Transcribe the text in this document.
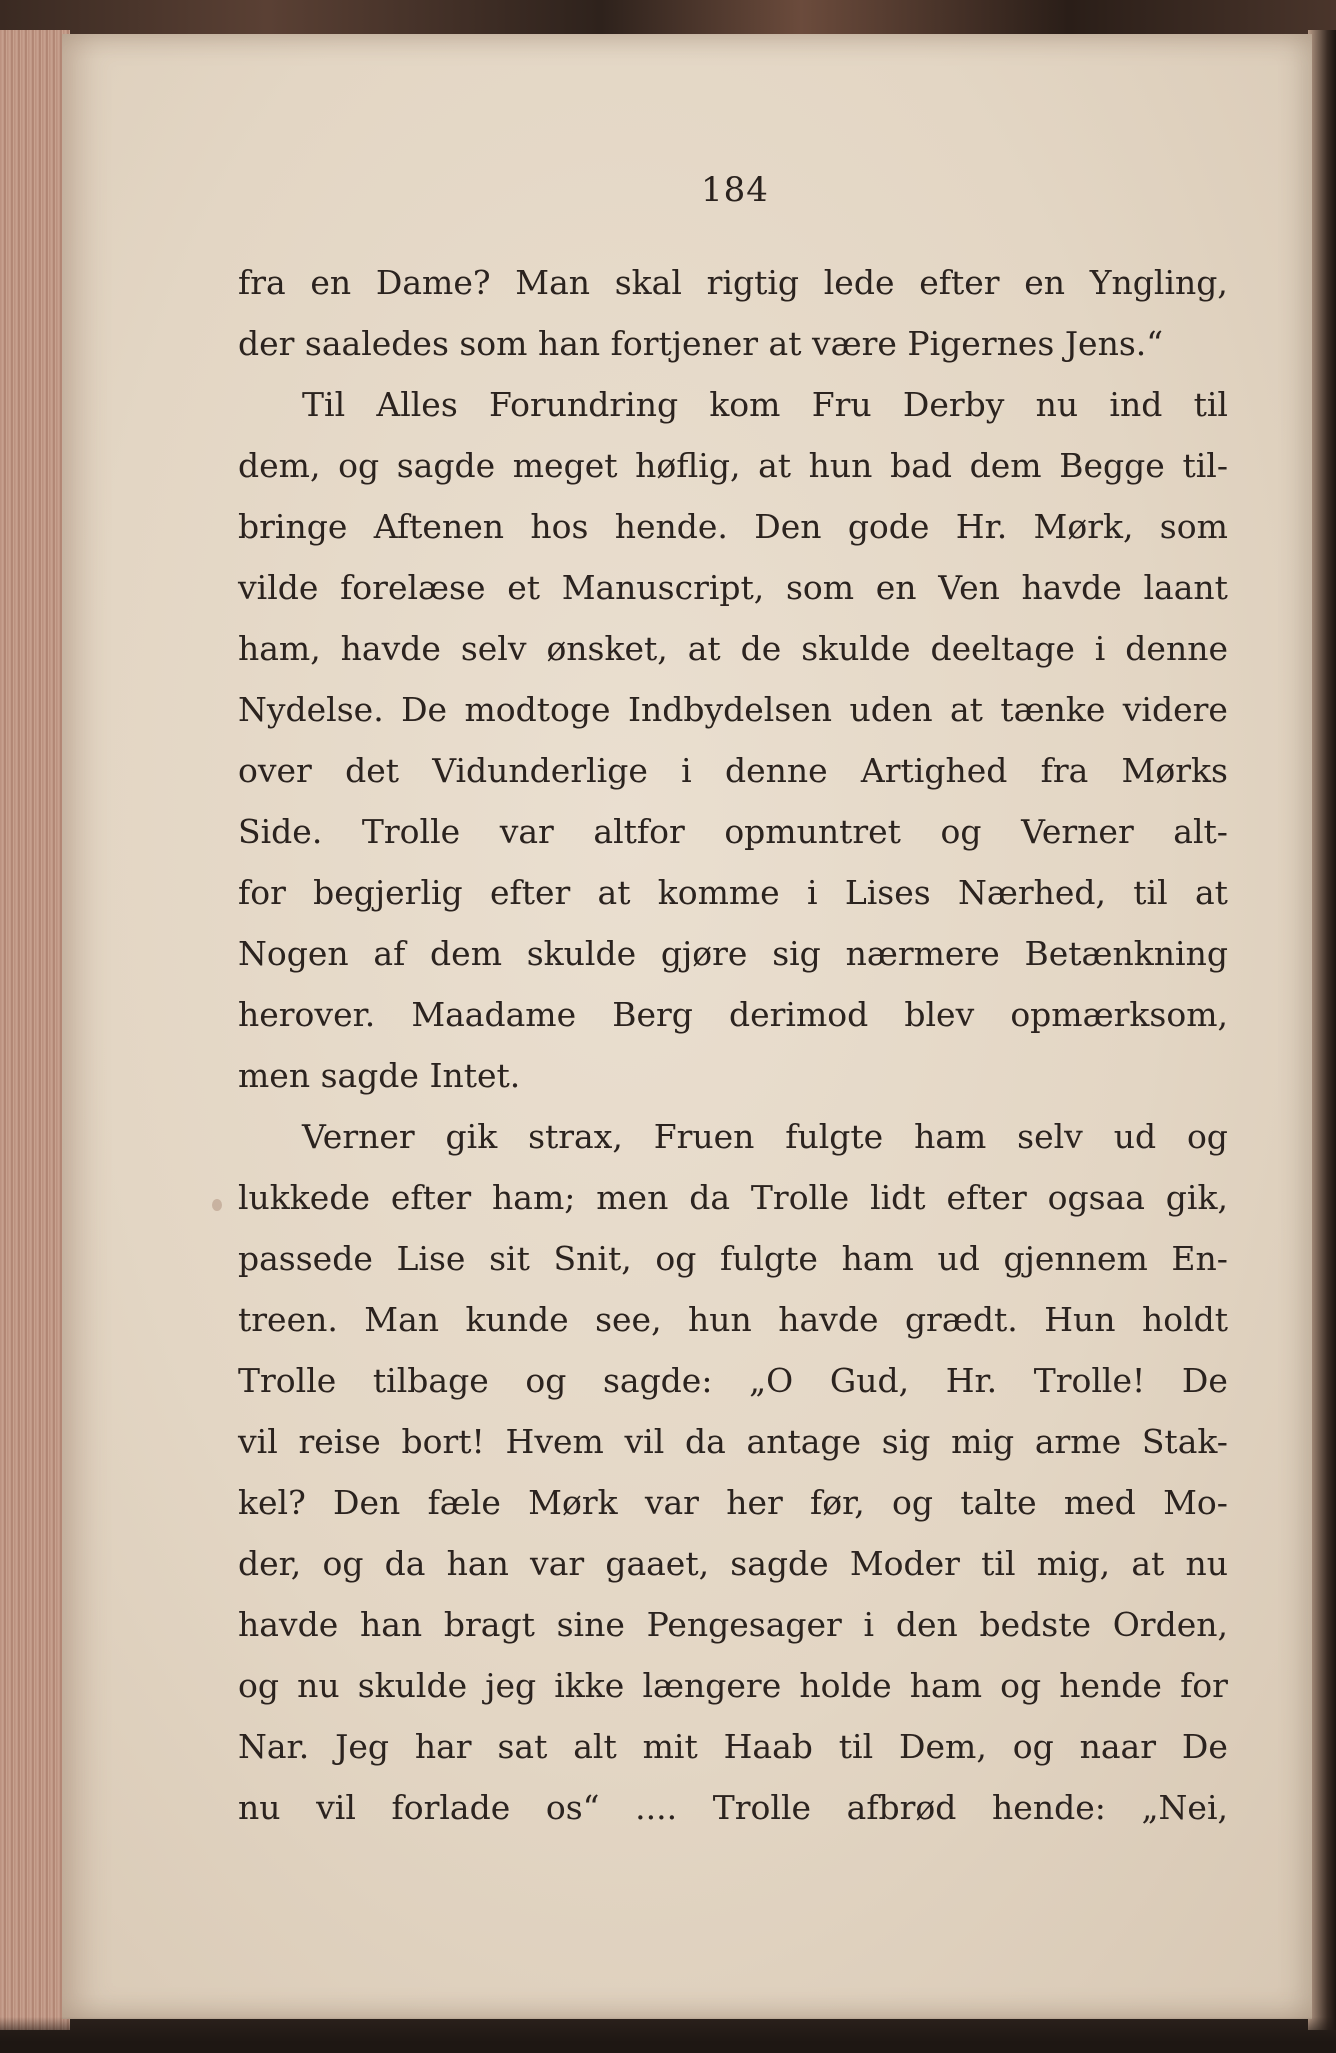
184
fra en Dame? Man skal rigtig lede efter en Yngling,
der saaledes som han fortjener at være Pigernes Jens.“
Til Alles Forundring kom Fru Derby nu ind til
dem, og sagde meget høflig, at hun bad dem Begge til-
bringe Aftenen hos hende. Den gode Hr. Mørk, som
vilde forelæse et Manuscript, som en Ven havde laant
ham, havde selv ønsket, at de skulde deeltage i denne
Nydelse. De modtoge Indbydelsen uden at tænke videre
over det Vidunderlige i denne Artighed fra Mørks
Side. Trolle var altfor opmuntret og Verner alt-
for begjerlig efter at komme i Lises Nærhed, til at
Nogen af dem skulde gjøre sig nærmere Betænkning
herover. Maadame Berg derimod blev opmærksom,
men sagde Intet.
Verner gik strax, Fruen fulgte ham selv ud og
lukkede efter ham; men da Trolle lidt efter ogsaa gik,
passede Lise sit Snit, og fulgte ham ud gjennem En-
treen. Man kunde see, hun havde grædt. Hun holdt
Trolle tilbage og sagde: „O Gud, Hr. Trolle! De
vil reise bort! Hvem vil da antage sig mig arme Stak-
kel? Den fæle Mørk var her før, og talte med Mo-
der, og da han var gaaet, sagde Moder til mig, at nu
havde han bragt sine Pengesager i den bedste Orden,
og nu skulde jeg ikke længere holde ham og hende for
Nar. Jeg har sat alt mit Haab til Dem, og naar De
nu vil forlade os“ .... Trolle afbrød hende: „Nei,
